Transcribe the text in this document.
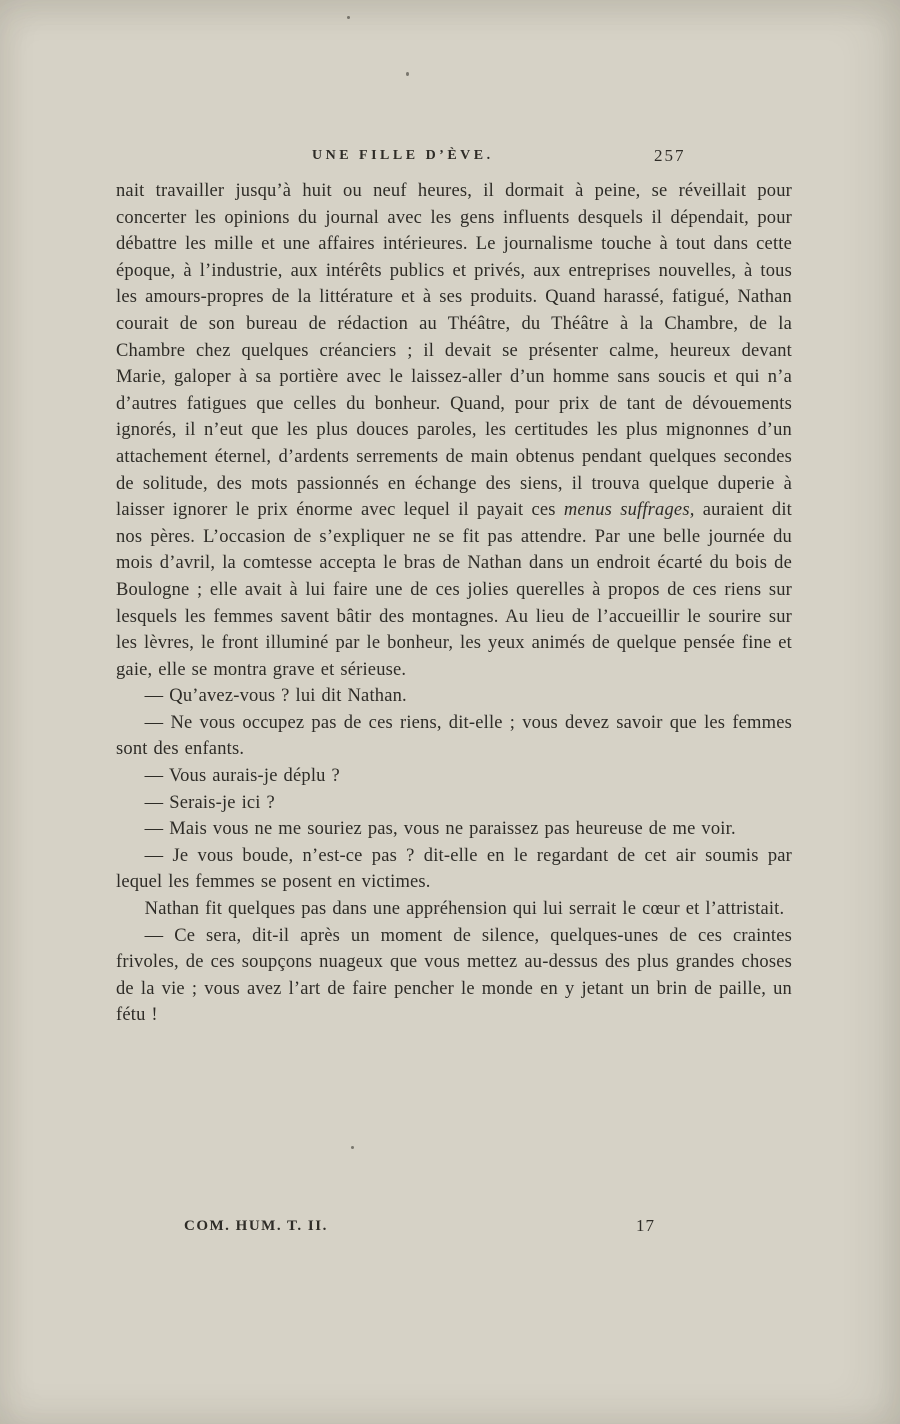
UNE FILLE D’ÈVE.	257

nait travailler jusqu’à huit ou neuf heures, il dormait à peine, se réveillait pour concerter les opinions du journal avec les gens influents desquels il dépendait, pour débattre les mille et une affaires intérieures. Le journalisme touche à tout dans cette époque, à l’industrie, aux intérêts publics et privés, aux entreprises nouvelles, à tous les amours-propres de la littérature et à ses produits. Quand harassé, fatigué, Nathan courait de son bureau de rédaction au Théâtre, du Théâtre à la Chambre, de la Chambre chez quelques créanciers ; il devait se présenter calme, heureux devant Marie, galoper à sa portière avec le laissez-aller d’un homme sans soucis et qui n’a d’autres fatigues que celles du bonheur. Quand, pour prix de tant de dévouements ignorés, il n’eut que les plus douces paroles, les certitudes les plus mignonnes d’un attachement éternel, d’ardents serrements de main obtenus pendant quelques secondes de solitude, des mots passionnés en échange des siens, il trouva quelque duperie à laisser ignorer le prix énorme avec lequel il payait ces menus suffrages, auraient dit nos pères. L’occasion de s’expliquer ne se fit pas attendre. Par une belle journée du mois d’avril, la comtesse accepta le bras de Nathan dans un endroit écarté du bois de Boulogne ; elle avait à lui faire une de ces jolies querelles à propos de ces riens sur lesquels les femmes savent bâtir des montagnes. Au lieu de l’accueillir le sourire sur les lèvres, le front illuminé par le bonheur, les yeux animés de quelque pensée fine et gaie, elle se montra grave et sérieuse.

— Qu’avez-vous ? lui dit Nathan.

— Ne vous occupez pas de ces riens, dit-elle ; vous devez savoir que les femmes sont des enfants.

— Vous aurais-je déplu ?

— Serais-je ici ?

— Mais vous ne me souriez pas, vous ne paraissez pas heureuse de me voir.

— Je vous boude, n’est-ce pas ? dit-elle en le regardant de cet air soumis par lequel les femmes se posent en victimes.

Nathan fit quelques pas dans une appréhension qui lui serrait le cœur et l’attristait.

— Ce sera, dit-il après un moment de silence, quelques-unes de ces craintes frivoles, de ces soupçons nuageux que vous mettez au-dessus des plus grandes choses de la vie ; vous avez l’art de faire pencher le monde en y jetant un brin de paille, un fétu !

COM. HUM. T. II.	17
